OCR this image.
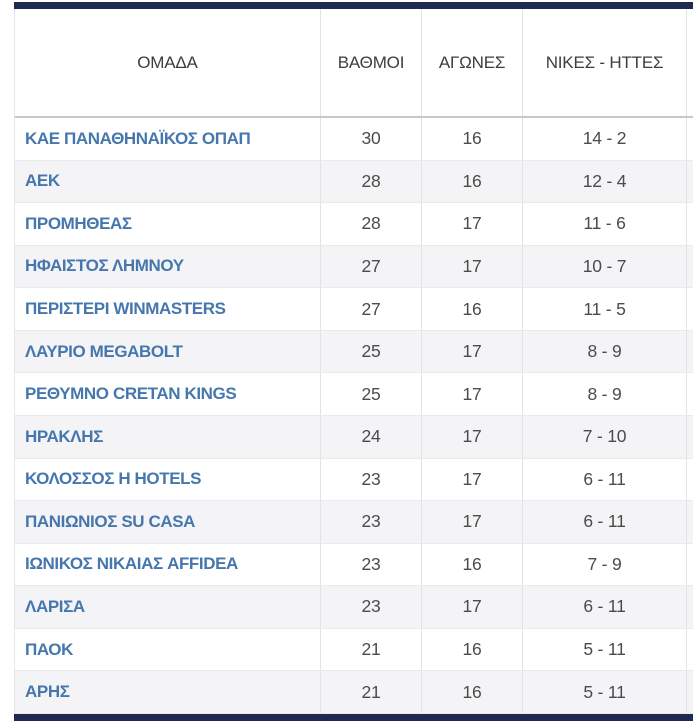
ΟΜΑΔΑ	ΒΑΘΜΟΙ	ΑΓΩΝΕΣ	ΝΙΚΕΣ - ΗΤΤΕΣ
ΚΑΕ ΠΑΝΑΘΗΝΑΪΚΟΣ ΟΠΑΠ	30	16	14 - 2
ΑΕΚ	28	16	12 - 4
ΠΡΟΜΗΘΕΑΣ	28	17	11 - 6
ΗΦΑΙΣΤΟΣ ΛΗΜΝΟΥ	27	17	10 - 7
ΠΕΡΙΣΤΕΡΙ WINMASTERS	27	16	11 - 5
ΛΑΥΡΙΟ MEGABOLT	25	17	8 - 9
ΡΕΘΥΜΝΟ CRETAN KINGS	25	17	8 - 9
ΗΡΑΚΛΗΣ	24	17	7 - 10
ΚΟΛΟΣΣΟΣ H HOTELS	23	17	6 - 11
ΠΑΝΙΩΝΙΟΣ SU CASA	23	17	6 - 11
ΙΩΝΙΚΟΣ ΝΙΚΑΙΑΣ AFFIDEA	23	16	7 - 9
ΛΑΡΙΣΑ	23	17	6 - 11
ΠΑΟΚ	21	16	5 - 11
ΑΡΗΣ	21	16	5 - 11
